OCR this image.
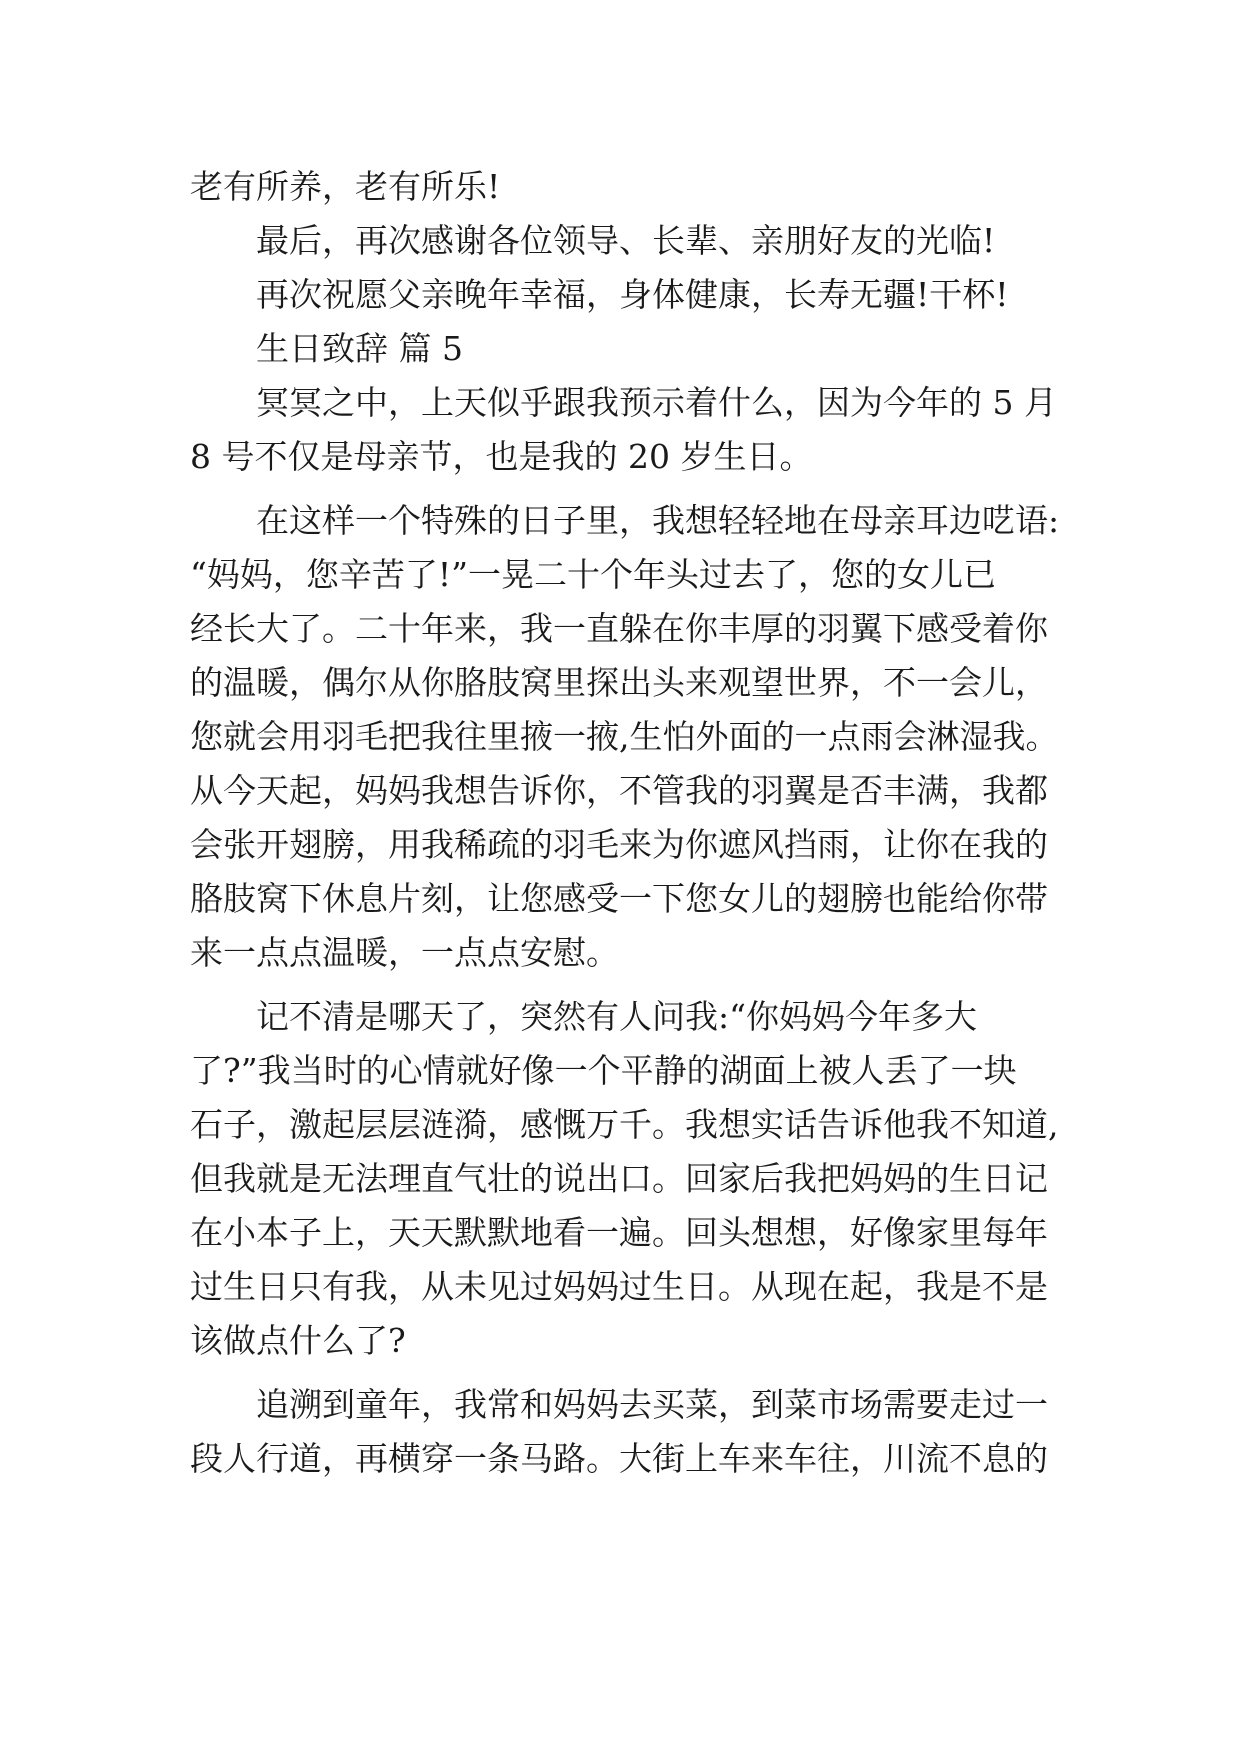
老有所养，老有所乐!
最后，再次感谢各位领导、长辈、亲朋好友的光临!
再次祝愿父亲晚年幸福，身体健康，长寿无疆!干杯!
生日致辞 篇 5
冥冥之中，上天似乎跟我预示着什么，因为今年的 5 月
8 号不仅是母亲节，也是我的 20 岁生日。
在这样一个特殊的日子里，我想轻轻地在母亲耳边呓语:
“妈妈，您辛苦了!”一晃二十个年头过去了，您的女儿已
经长大了。二十年来，我一直躲在你丰厚的羽翼下感受着你
的温暖，偶尔从你胳肢窝里探出头来观望世界，不一会儿，
您就会用羽毛把我往里掖一掖,生怕外面的一点雨会淋湿我。
从今天起，妈妈我想告诉你，不管我的羽翼是否丰满，我都
会张开翅膀，用我稀疏的羽毛来为你遮风挡雨，让你在我的
胳肢窝下休息片刻，让您感受一下您女儿的翅膀也能给你带
来一点点温暖，一点点安慰。
记不清是哪天了，突然有人问我:“你妈妈今年多大
了?”我当时的心情就好像一个平静的湖面上被人丢了一块
石子，激起层层涟漪，感慨万千。我想实话告诉他我不知道,
但我就是无法理直气壮的说出口。回家后我把妈妈的生日记
在小本子上，天天默默地看一遍。回头想想，好像家里每年
过生日只有我，从未见过妈妈过生日。从现在起，我是不是
该做点什么了?
追溯到童年，我常和妈妈去买菜，到菜市场需要走过一
段人行道，再横穿一条马路。大街上车来车往，川流不息的
